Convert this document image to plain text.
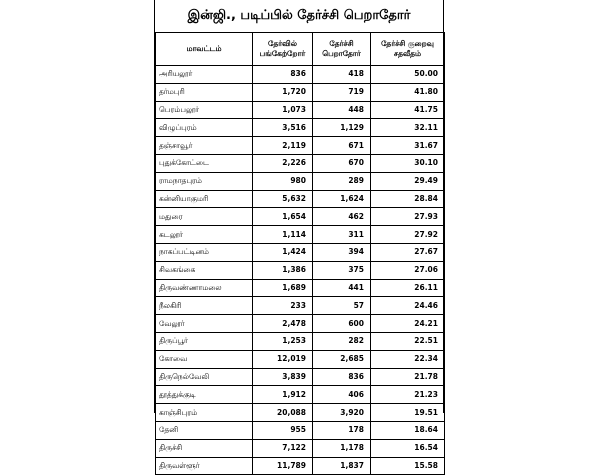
இன்ஜி., படிப்பில் தேர்ச்சி பெறாதோர்
மாவட்டம்	தேர்வில் பங்கேற்றோர்	தேர்ச்சி பெறாதோர்	தேர்ச்சி குறைவு சதவீதம்
அரியலூர்	836	418	50.00
தர்மபுரி	1,720	719	41.80
பெரம்பலூர்	1,073	448	41.75
விழுப்புரம்	3,516	1,129	32.11
தஞ்சாவூர்	2,119	671	31.67
புதுக்கோட்டை	2,226	670	30.10
ராமநாதபுரம்	980	289	29.49
கன்னியாகுமரி	5,632	1,624	28.84
மதுரை	1,654	462	27.93
கடலூர்	1,114	311	27.92
நாகப்பட்டினம்	1,424	394	27.67
சிவகங்கை	1,386	375	27.06
திருவண்ணாமலை	1,689	441	26.11
நீலகிரி	233	57	24.46
வேலூர்	2,478	600	24.21
திருப்பூர்	1,253	282	22.51
கோவை	12,019	2,685	22.34
திருநெல்வேலி	3,839	836	21.78
தூத்துக்குடி	1,912	406	21.23
காஞ்சிபுரம்	20,088	3,920	19.51
தேனி	955	178	18.64
திருச்சி	7,122	1,178	16.54
திருவள்ளூர்	11,789	1,837	15.58
